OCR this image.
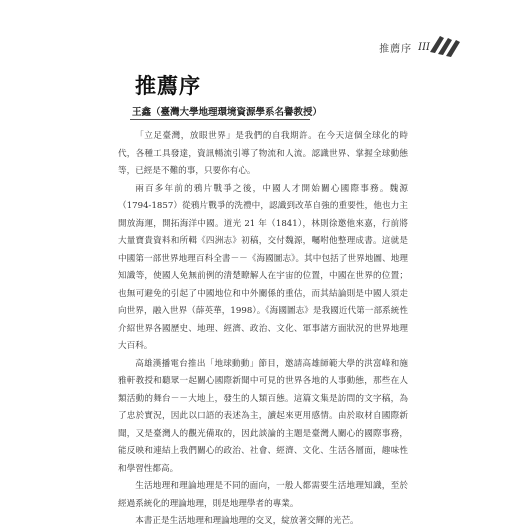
推薦序 III
推薦序
王鑫（臺灣大學地理環境資源學系名譽教授）

「立足臺灣，放眼世界」是我們的自我期許。在今天這個全球化的時代，各種工具發達，資訊暢流引導了物流和人流。認識世界、掌握全球動態等，已經是不難的事，只要你有心。

兩百多年前的鴉片戰爭之後，中國人才開始關心國際事務。魏源（1794-1857）從鴉片戰爭的洗禮中，認識到改革自強的重要性，他也力主開放海運，開拓海洋中國。道光 21 年（1841），林則徐邀他來嘉，行前將大量寶貴資料和所輯《四洲志》初稿，交付魏源，囑咐他整理成書。這就是中國第一部世界地理百科全書－－《海國圖志》。其中包括了世界地圖、地理知識等，使國人免無前例的清楚瞭解人在宇宙的位置，中國在世界的位置；也無可避免的引起了中國地位和中外關係的重估，而其結論則是中國人須走向世界，融入世界（薛英華，1998）。《海國圖志》是我國近代第一部系統性介紹世界各國歷史、地理、經濟、政治、文化、軍事諸方面狀況的世界地理大百科。

高雄漢播電台推出「地球動動」節目，邀請高雄師範大學的洪富峰和施雅軒教授和聽眾一起關心國際新聞中可見的世界各地的人事動態，那些在人類活動的舞台－－大地上，發生的人類百態。這篇文集是訪問的文字稿，為了忠於實況，因此以口語的表述為主，讀起來更用感情。由於取材自國際新聞，又是臺灣人的觀光備取的，因此談論的主題是臺灣人關心的國際事務，能反映和連結上我們關心的政治、社會、經濟、文化、生活各層面，趣味性和學習性都高。

生活地理和理論地理是不同的面向，一般人都需要生活地理知識，至於經過系統化的理論地理，則是地理學者的專業。

本書正是生活地理和理論地理的交叉，綻放著交輝的光芒。
